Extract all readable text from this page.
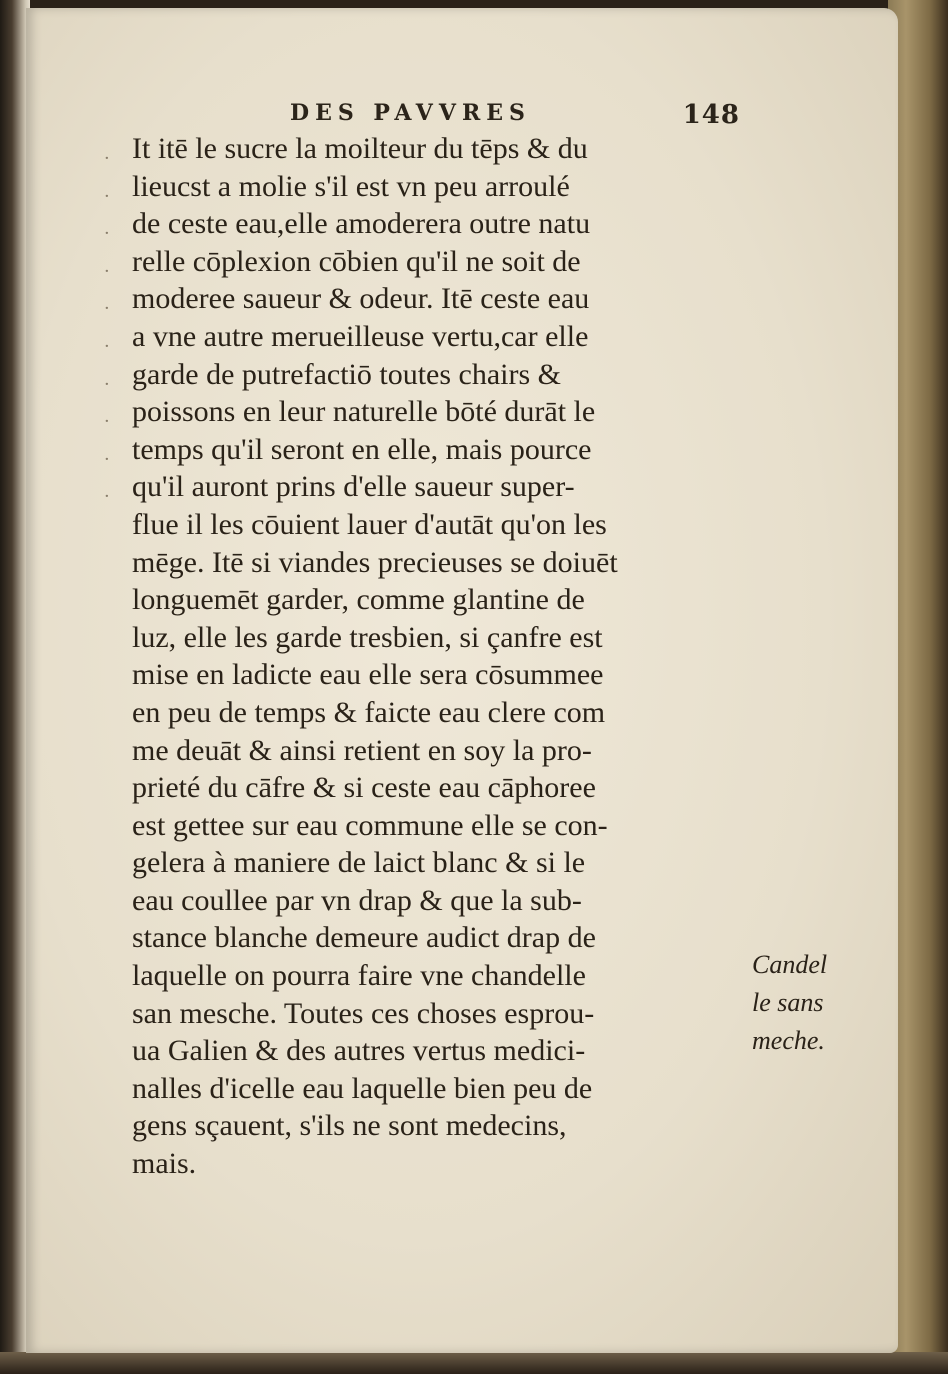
DES PAVVRES	148
·
·
·
·
·
·
·
·
·
·
It itē le sucre la moilteur du tēps & du
lieucst a molie s'il est vn peu arroulé
de ceste eau,elle amoderera outre natu
relle cōplexion cōbien qu'il ne soit de
moderee saueur & odeur. Itē ceste eau
a vne autre merueilleuse vertu,car elle
garde de putrefactiō toutes chairs &
poissons en leur naturelle bōté durāt le
temps qu'il seront en elle, mais pource
qu'il auront prins d'elle saueur super-
flue il les cōuient lauer d'autāt qu'on les
mēge. Itē si viandes precieuses se doiuēt
longuemēt garder, comme glantine de
luz, elle les garde tresbien, si çanfre est
mise en ladicte eau elle sera cōsummee
en peu de temps & faicte eau clere com
me deuāt & ainsi retient en soy la pro-
prieté du cāfre & si ceste eau cāphoree
est gettee sur eau commune elle se con-
gelera à maniere de laict blanc & si le
eau coullee par vn drap & que la sub-
stance blanche demeure audict drap de
laquelle on pourra faire vne chandelle
san mesche. Toutes ces choses esprou-
ua Galien & des autres vertus medici-
nalles d'icelle eau laquelle bien peu de
gens sçauent, s'ils ne sont medecins,
mais.
Candel
le sans
meche.
